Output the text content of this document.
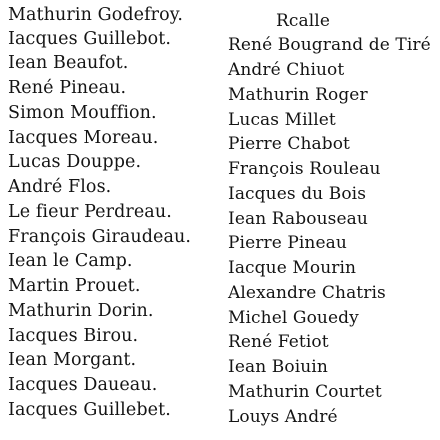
Mathurin Godefroy.
Iacques Guillebot.
Iean Beaufot.
René Pineau.
Simon Mouffion.
Iacques Moreau.
Lucas Douppe.
André Flos.
Le fieur Perdreau.
François Giraudeau.
Iean le Camp.
Martin Prouet.
Mathurin Dorin.
Iacques Birou.
Iean Morgant.
Iacques Daueau.
Iacques Guillebet.
Rcalle
René Bougrand de Tiré
André Chiuot
Mathurin Roger
Lucas Millet
Pierre Chabot
François Rouleau
Iacques du Bois
Iean Rabouseau
Pierre Pineau
Iacque Mourin
Alexandre Chatris
Michel Gouedy
René Fetiot
Iean Boiuin
Mathurin Courtet
Louys André
